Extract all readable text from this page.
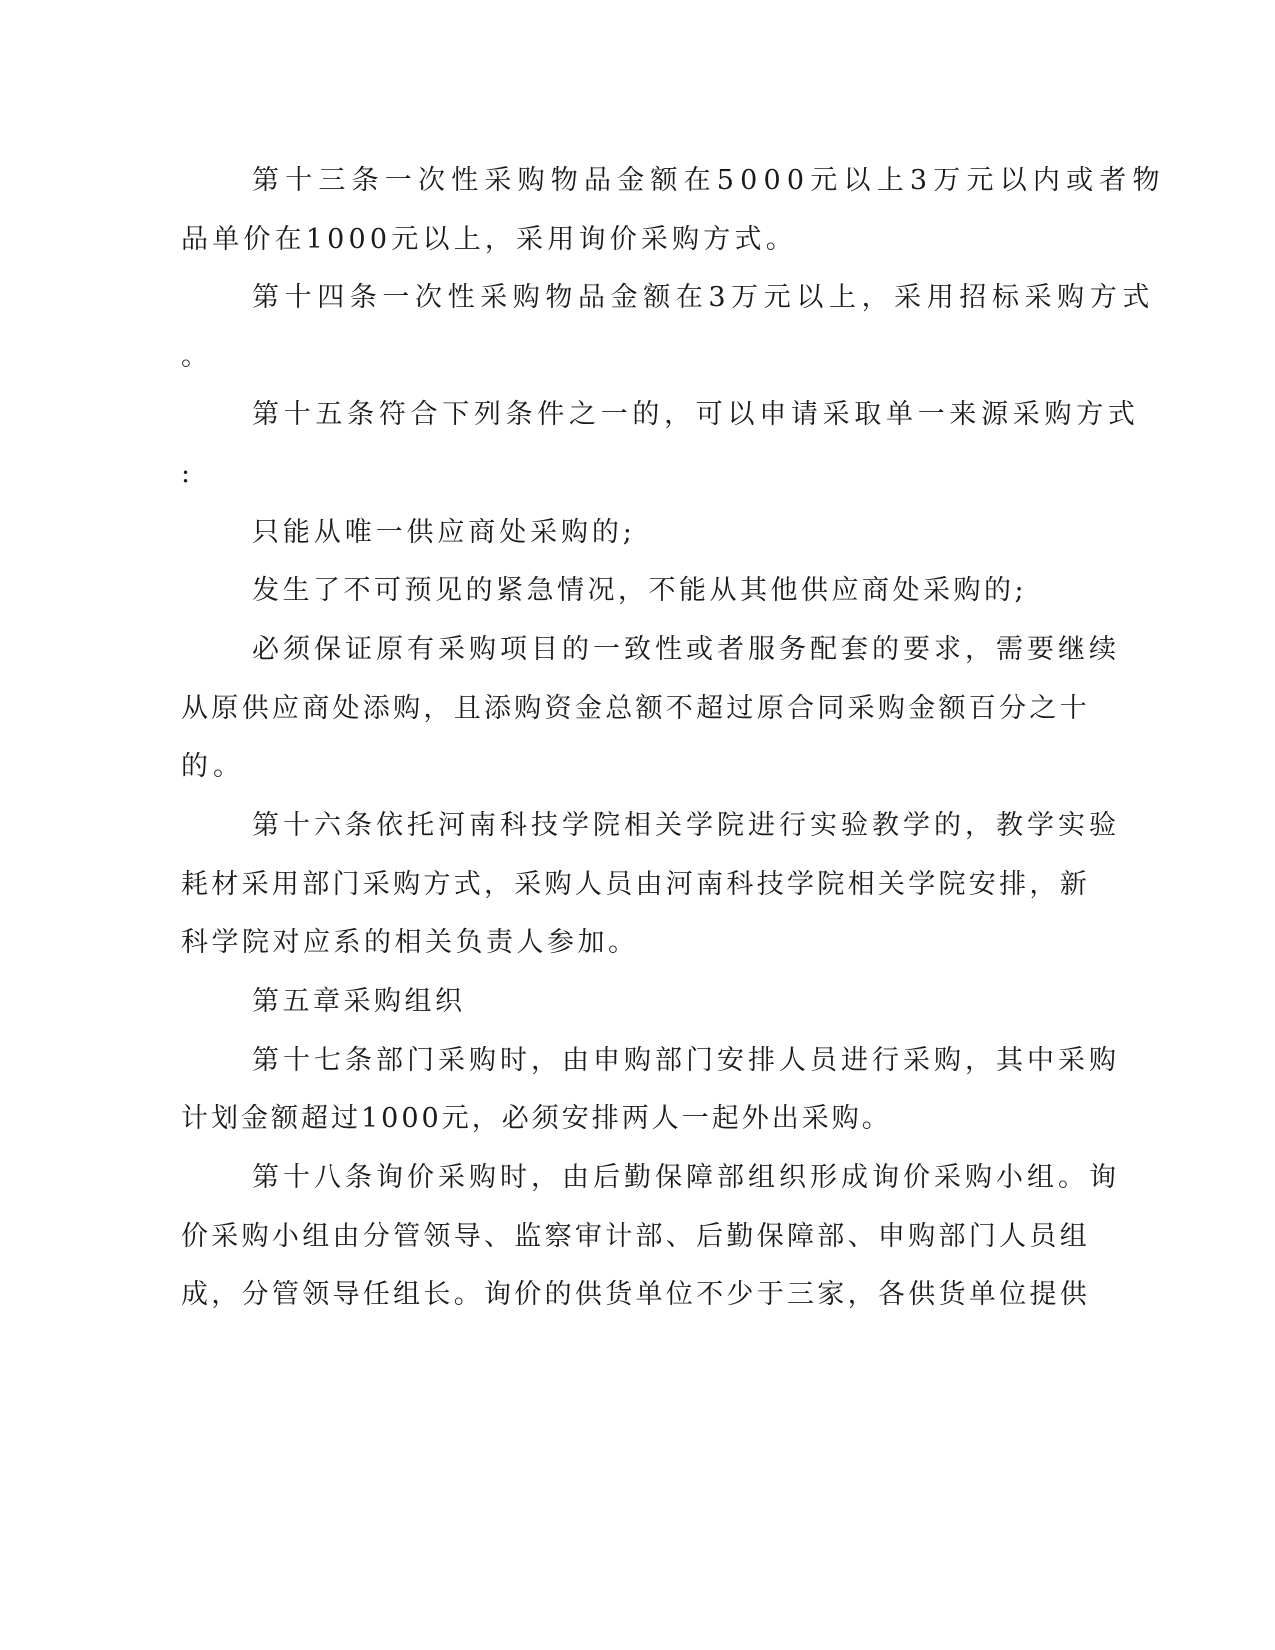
第十三条一次性采购物品金额在5000元以上3万元以内或者物
品单价在1000元以上，采用询价采购方式。
第十四条一次性采购物品金额在3万元以上，采用招标采购方式
。
第十五条符合下列条件之一的，可以申请采取单一来源采购方式
:
只能从唯一供应商处采购的;
发生了不可预见的紧急情况，不能从其他供应商处采购的;
必须保证原有采购项目的一致性或者服务配套的要求，需要继续
从原供应商处添购，且添购资金总额不超过原合同采购金额百分之十
的。
第十六条依托河南科技学院相关学院进行实验教学的，教学实验
耗材采用部门采购方式，采购人员由河南科技学院相关学院安排，新
科学院对应系的相关负责人参加。
第五章采购组织
第十七条部门采购时，由申购部门安排人员进行采购，其中采购
计划金额超过1000元，必须安排两人一起外出采购。
第十八条询价采购时，由后勤保障部组织形成询价采购小组。询
价采购小组由分管领导、监察审计部、后勤保障部、申购部门人员组
成，分管领导任组长。询价的供货单位不少于三家，各供货单位提供
